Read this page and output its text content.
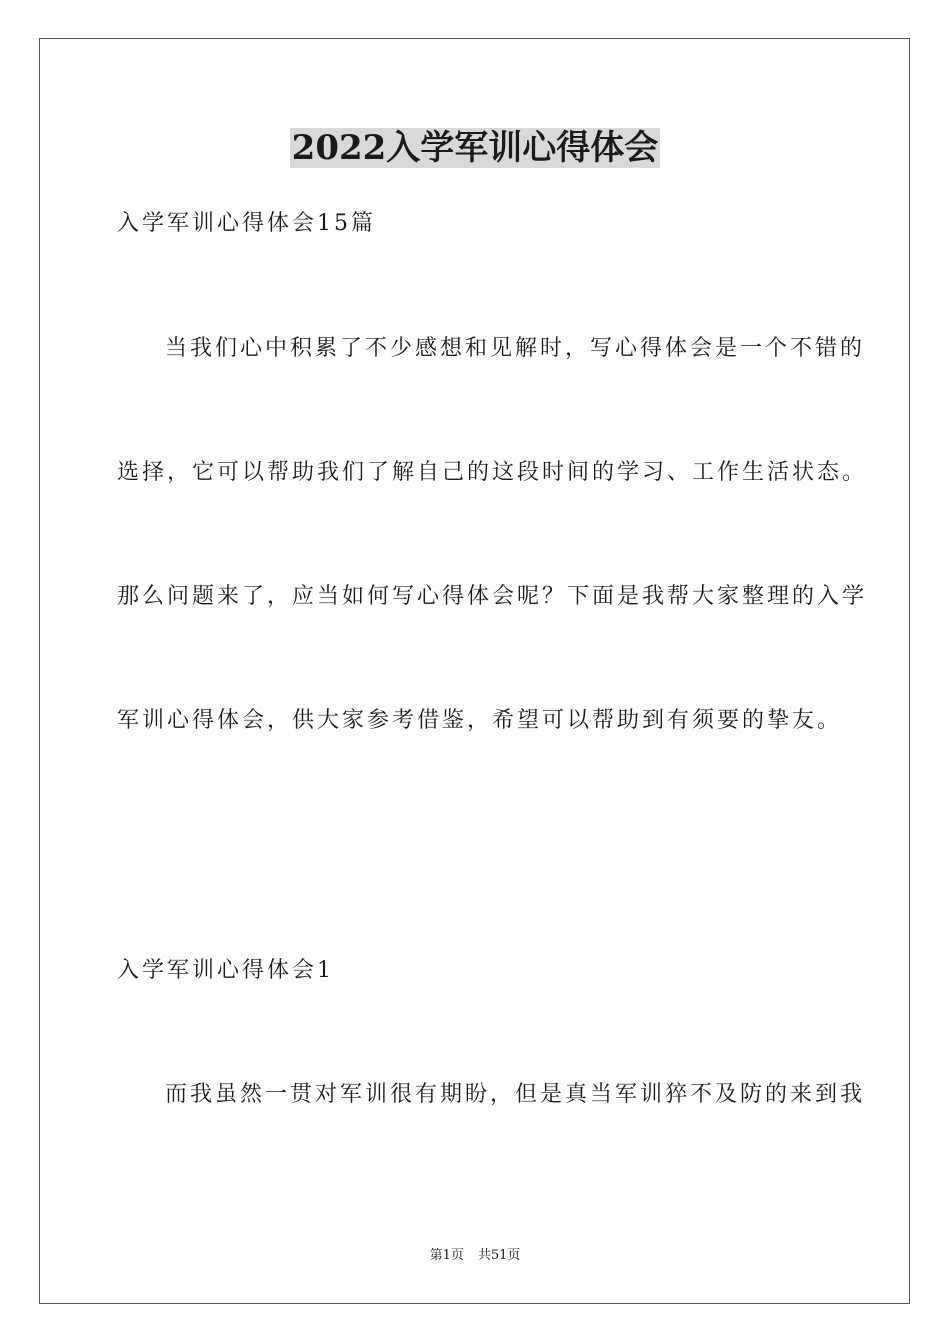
2022入学军训心得体会
入学军训心得体会15篇
当我们心中积累了不少感想和见解时，写心得体会是一个不错的
选择，它可以帮助我们了解自己的这段时间的学习、工作生活状态。
那么问题来了，应当如何写心得体会呢？下面是我帮大家整理的入学
军训心得体会，供大家参考借鉴，希望可以帮助到有须要的挚友。
入学军训心得体会1
而我虽然一贯对军训很有期盼，但是真当军训猝不及防的来到我
第1页 共51页
